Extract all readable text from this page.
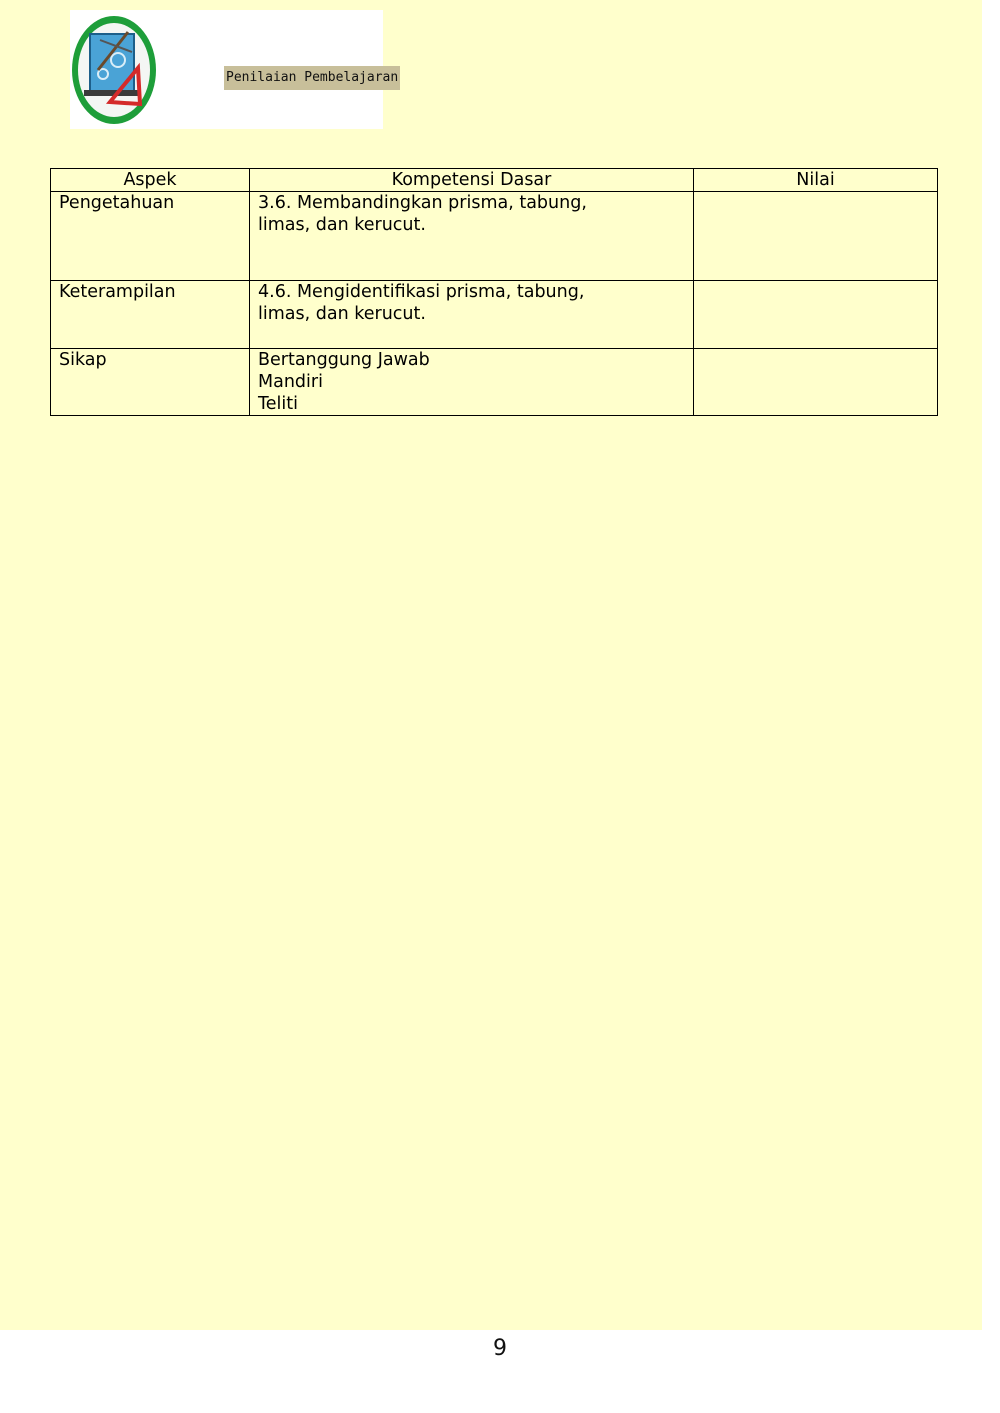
Penilaian Pembelajaran
Aspek	Kompetensi Dasar	Nilai
Pengetahuan	3.6. Membandingkan prisma, tabung,
limas, dan kerucut.	

Keterampilan	4.6. Mengidentifikasi prisma, tabung,
limas, dan kerucut.	

Sikap	Bertanggung Jawab
Mandiri
Teliti	

9
